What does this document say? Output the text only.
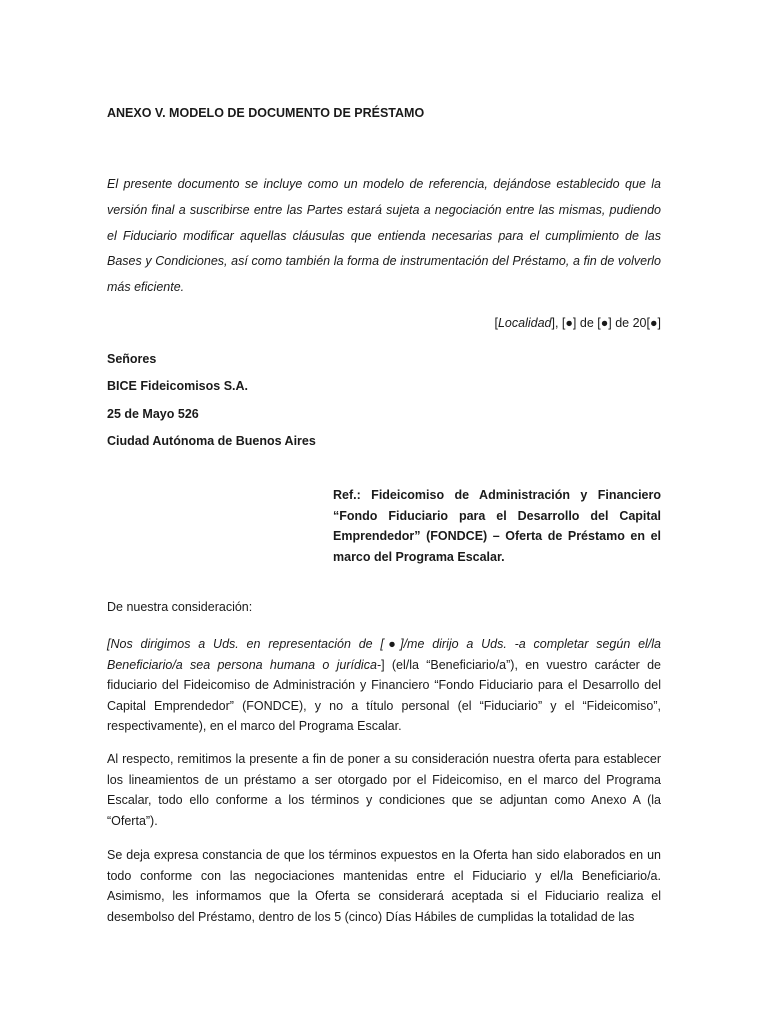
ANEXO V. MODELO DE DOCUMENTO DE PRÉSTAMO

El presente documento se incluye como un modelo de referencia, dejándose establecido que la versión final a suscribirse entre las Partes estará sujeta a negociación entre las mismas, pudiendo el Fiduciario modificar aquellas cláusulas que entienda necesarias para el cumplimiento de las Bases y Condiciones, así como también la forma de instrumentación del Préstamo, a fin de volverlo más eficiente.

[Localidad], [●] de [●] de 20[●]
Señores
BICE Fideicomisos S.A.
25 de Mayo 526
Ciudad Autónoma de Buenos Aires

Ref.: Fideicomiso de Administración y Financiero “Fondo Fiduciario para el Desarrollo del Capital Emprendedor” (FONDCE) – Oferta de Préstamo en el marco del Programa Escalar.

De nuestra consideración:

[Nos dirigimos a Uds. en representación de [●]/me dirijo a Uds. -a completar según el/la Beneficiario/a sea persona humana o jurídica-] (el/la “Beneficiario/a”), en vuestro carácter de fiduciario del Fideicomiso de Administración y Financiero “Fondo Fiduciario para el Desarrollo del Capital Emprendedor” (FONDCE), y no a título personal (el “Fiduciario” y el “Fideicomiso”, respectivamente), en el marco del Programa Escalar.

Al respecto, remitimos la presente a fin de poner a su consideración nuestra oferta para establecer los lineamientos de un préstamo a ser otorgado por el Fideicomiso, en el marco del Programa Escalar, todo ello conforme a los términos y condiciones que se adjuntan como Anexo A (la “Oferta”).

Se deja expresa constancia de que los términos expuestos en la Oferta han sido elaborados en un todo conforme con las negociaciones mantenidas entre el Fiduciario y el/la Beneficiario/a. Asimismo, les informamos que la Oferta se considerará aceptada si el Fiduciario realiza el desembolso del Préstamo, dentro de los 5 (cinco) Días Hábiles de cumplidas la totalidad de las
